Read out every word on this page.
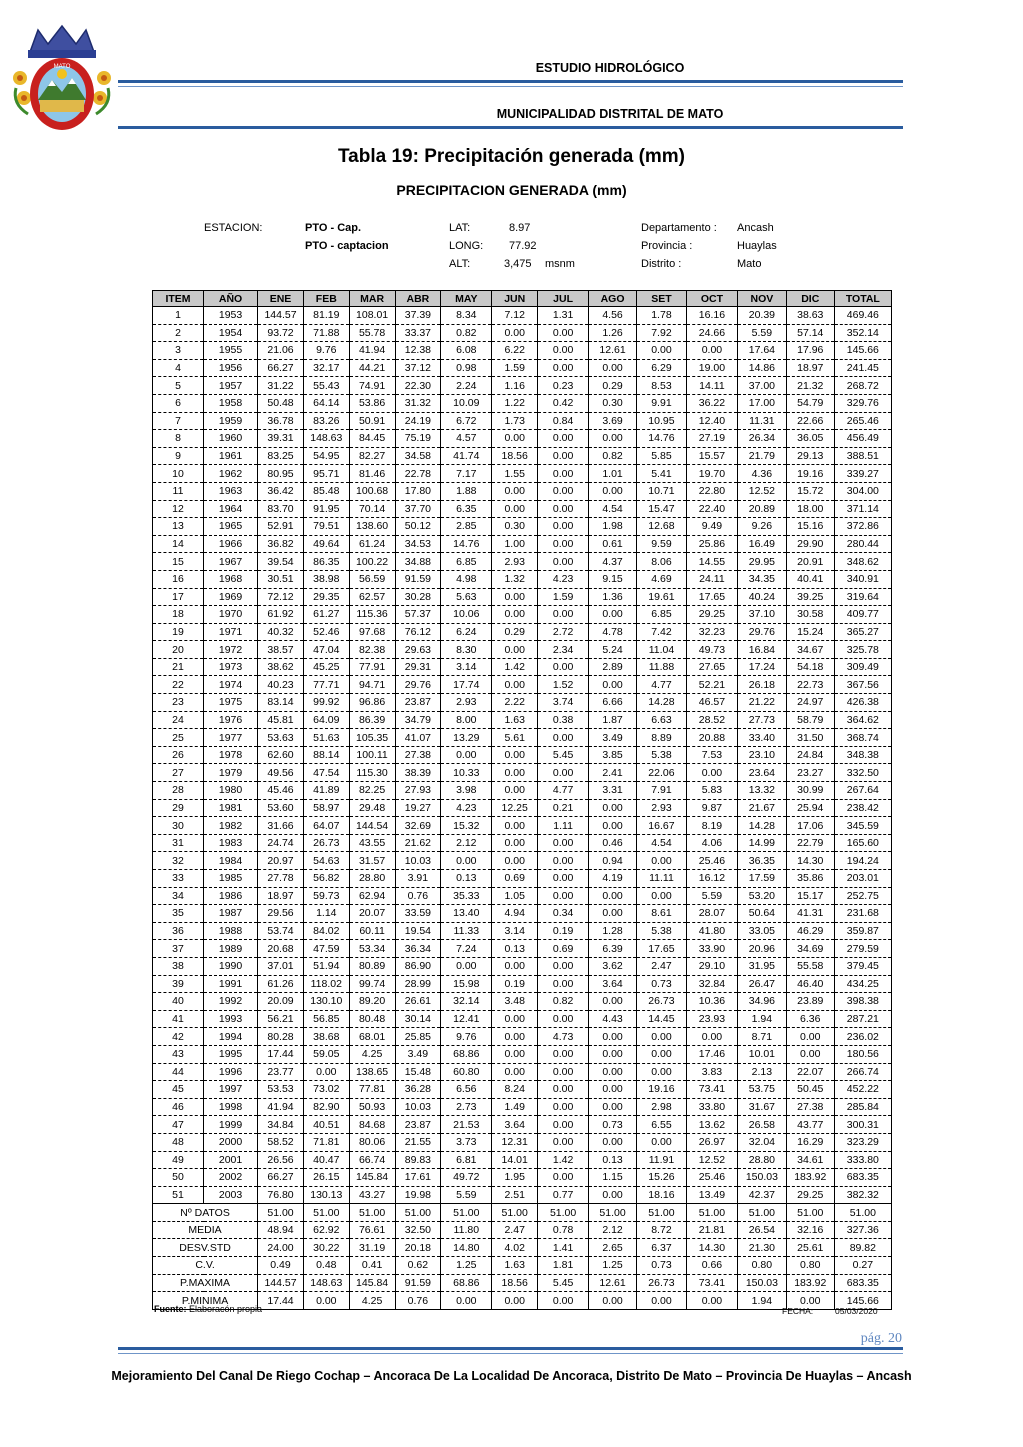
MATO	ESTUDIO HIDROLÓGICO
MUNICIPALIDAD DISTRITAL DE MATO
Tabla 19: Precipitación generada (mm)
PRECIPITACION GENERADA (mm)
ESTACION:	PTO - Cap.
PTO - captacion
LAT:	8.97
LONG: 77.92
ALT:	3,475 msnm
Departamento : Ancash
Provincia :	Huaylas
Distrito :	Mato
ITEM	AÑO	ENE	FEB	MAR	ABR	MAY	JUN	JUL	AGO	SET	OCT	NOV	DIC	TOTAL
1	1953	144.57	81.19	108.01	37.39	8.34	7.12	1.31	4.56	1.78	16.16	20.39	38.63	469.46
2	1954	93.72	71.88	55.78	33.37	0.82	0.00	0.00	1.26	7.92	24.66	5.59	57.14	352.14
3	1955	21.06	9.76	41.94	12.38	6.08	6.22	0.00	12.61	0.00	0.00	17.64	17.96	145.66
4	1956	66.27	32.17	44.21	37.12	0.98	1.59	0.00	0.00	6.29	19.00	14.86	18.97	241.45
5	1957	31.22	55.43	74.91	22.30	2.24	1.16	0.23	0.29	8.53	14.11	37.00	21.32	268.72
6	1958	50.48	64.14	53.86	31.32	10.09	1.22	0.42	0.30	9.91	36.22	17.00	54.79	329.76
7	1959	36.78	83.26	50.91	24.19	6.72	1.73	0.84	3.69	10.95	12.40	11.31	22.66	265.46
8	1960	39.31	148.63	84.45	75.19	4.57	0.00	0.00	0.00	14.76	27.19	26.34	36.05	456.49
9	1961	83.25	54.95	82.27	34.58	41.74	18.56	0.00	0.82	5.85	15.57	21.79	29.13	388.51
10	1962	80.95	95.71	81.46	22.78	7.17	1.55	0.00	1.01	5.41	19.70	4.36	19.16	339.27
11	1963	36.42	85.48	100.68	17.80	1.88	0.00	0.00	0.00	10.71	22.80	12.52	15.72	304.00
12	1964	83.70	91.95	70.14	37.70	6.35	0.00	0.00	4.54	15.47	22.40	20.89	18.00	371.14
13	1965	52.91	79.51	138.60	50.12	2.85	0.30	0.00	1.98	12.68	9.49	9.26	15.16	372.86
14	1966	36.82	49.64	61.24	34.53	14.76	1.00	0.00	0.61	9.59	25.86	16.49	29.90	280.44
15	1967	39.54	86.35	100.22	34.88	6.85	2.93	0.00	4.37	8.06	14.55	29.95	20.91	348.62
16	1968	30.51	38.98	56.59	91.59	4.98	1.32	4.23	9.15	4.69	24.11	34.35	40.41	340.91
17	1969	72.12	29.35	62.57	30.28	5.63	0.00	1.59	1.36	19.61	17.65	40.24	39.25	319.64
18	1970	61.92	61.27	115.36	57.37	10.06	0.00	0.00	0.00	6.85	29.25	37.10	30.58	409.77
19	1971	40.32	52.46	97.68	76.12	6.24	0.29	2.72	4.78	7.42	32.23	29.76	15.24	365.27
20	1972	38.57	47.04	82.38	29.63	8.30	0.00	2.34	5.24	11.04	49.73	16.84	34.67	325.78
21	1973	38.62	45.25	77.91	29.31	3.14	1.42	0.00	2.89	11.88	27.65	17.24	54.18	309.49
22	1974	40.23	77.71	94.71	29.76	17.74	0.00	1.52	0.00	4.77	52.21	26.18	22.73	367.56
23	1975	83.14	99.92	96.86	23.87	2.93	2.22	3.74	6.66	14.28	46.57	21.22	24.97	426.38
24	1976	45.81	64.09	86.39	34.79	8.00	1.63	0.38	1.87	6.63	28.52	27.73	58.79	364.62
25	1977	53.63	51.63	105.35	41.07	13.29	5.61	0.00	3.49	8.89	20.88	33.40	31.50	368.74
26	1978	62.60	88.14	100.11	27.38	0.00	0.00	5.45	3.85	5.38	7.53	23.10	24.84	348.38
27	1979	49.56	47.54	115.30	38.39	10.33	0.00	0.00	2.41	22.06	0.00	23.64	23.27	332.50
28	1980	45.46	41.89	82.25	27.93	3.98	0.00	4.77	3.31	7.91	5.83	13.32	30.99	267.64
29	1981	53.60	58.97	29.48	19.27	4.23	12.25	0.21	0.00	2.93	9.87	21.67	25.94	238.42
30	1982	31.66	64.07	144.54	32.69	15.32	0.00	1.11	0.00	16.67	8.19	14.28	17.06	345.59
31	1983	24.74	26.73	43.55	21.62	2.12	0.00	0.00	0.46	4.54	4.06	14.99	22.79	165.60
32	1984	20.97	54.63	31.57	10.03	0.00	0.00	0.00	0.94	0.00	25.46	36.35	14.30	194.24
33	1985	27.78	56.82	28.80	3.91	0.13	0.69	0.00	4.19	11.11	16.12	17.59	35.86	203.01
34	1986	18.97	59.73	62.94	0.76	35.33	1.05	0.00	0.00	0.00	5.59	53.20	15.17	252.75
35	1987	29.56	1.14	20.07	33.59	13.40	4.94	0.34	0.00	8.61	28.07	50.64	41.31	231.68
36	1988	53.74	84.02	60.11	19.54	11.33	3.14	0.19	1.28	5.38	41.80	33.05	46.29	359.87
37	1989	20.68	47.59	53.34	36.34	7.24	0.13	0.69	6.39	17.65	33.90	20.96	34.69	279.59
38	1990	37.01	51.94	80.89	86.90	0.00	0.00	0.00	3.62	2.47	29.10	31.95	55.58	379.45
39	1991	61.26	118.02	99.74	28.99	15.98	0.19	0.00	3.64	0.73	32.84	26.47	46.40	434.25
40	1992	20.09	130.10	89.20	26.61	32.14	3.48	0.82	0.00	26.73	10.36	34.96	23.89	398.38
41	1993	56.21	56.85	80.48	30.14	12.41	0.00	0.00	4.43	14.45	23.93	1.94	6.36	287.21
42	1994	80.28	38.68	68.01	25.85	9.76	0.00	4.73	0.00	0.00	0.00	8.71	0.00	236.02
43	1995	17.44	59.05	4.25	3.49	68.86	0.00	0.00	0.00	0.00	17.46	10.01	0.00	180.56
44	1996	23.77	0.00	138.65	15.48	60.80	0.00	0.00	0.00	0.00	3.83	2.13	22.07	266.74
45	1997	53.53	73.02	77.81	36.28	6.56	8.24	0.00	0.00	19.16	73.41	53.75	50.45	452.22
46	1998	41.94	82.90	50.93	10.03	2.73	1.49	0.00	0.00	2.98	33.80	31.67	27.38	285.84
47	1999	34.84	40.51	84.68	23.87	21.53	3.64	0.00	0.73	6.55	13.62	26.58	43.77	300.31
48	2000	58.52	71.81	80.06	21.55	3.73	12.31	0.00	0.00	0.00	26.97	32.04	16.29	323.29
49	2001	26.56	40.47	66.74	89.83	6.81	14.01	1.42	0.13	11.91	12.52	28.80	34.61	333.80
50	2002	66.27	26.15	145.84	17.61	49.72	1.95	0.00	1.15	15.26	25.46	150.03	183.92	683.35
51	2003	76.80	130.13	43.27	19.98	5.59	2.51	0.77	0.00	18.16	13.49	42.37	29.25	382.32
Nº DATOS		51.00	51.00	51.00	51.00	51.00	51.00	51.00	51.00	51.00	51.00	51.00	51.00	51.00
MEDIA		48.94	62.92	76.61	32.50	11.80	2.47	0.78	2.12	8.72	21.81	26.54	32.16	327.36
DESV.STD		24.00	30.22	31.19	20.18	14.80	4.02	1.41	2.65	6.37	14.30	21.30	25.61	89.82
C.V.		0.49	0.48	0.41	0.62	1.25	1.63	1.81	1.25	0.73	0.66	0.80	0.80	0.27
P.MAXIMA		144.57	148.63	145.84	91.59	68.86	18.56	5.45	12.61	26.73	73.41	150.03	183.92	683.35
P.MINIMA		17.44	0.00	4.25	0.76	0.00	0.00	0.00	0.00	0.00	0.00	1.94	0.00	145.66
Fuente: Elaboracón propia	FECHA:	05/03/2020
pág. 20
Mejoramiento Del Canal De Riego Cochap – Ancoraca De La Localidad De Ancoraca, Distrito De Mato – Provincia De Huaylas – Ancash
